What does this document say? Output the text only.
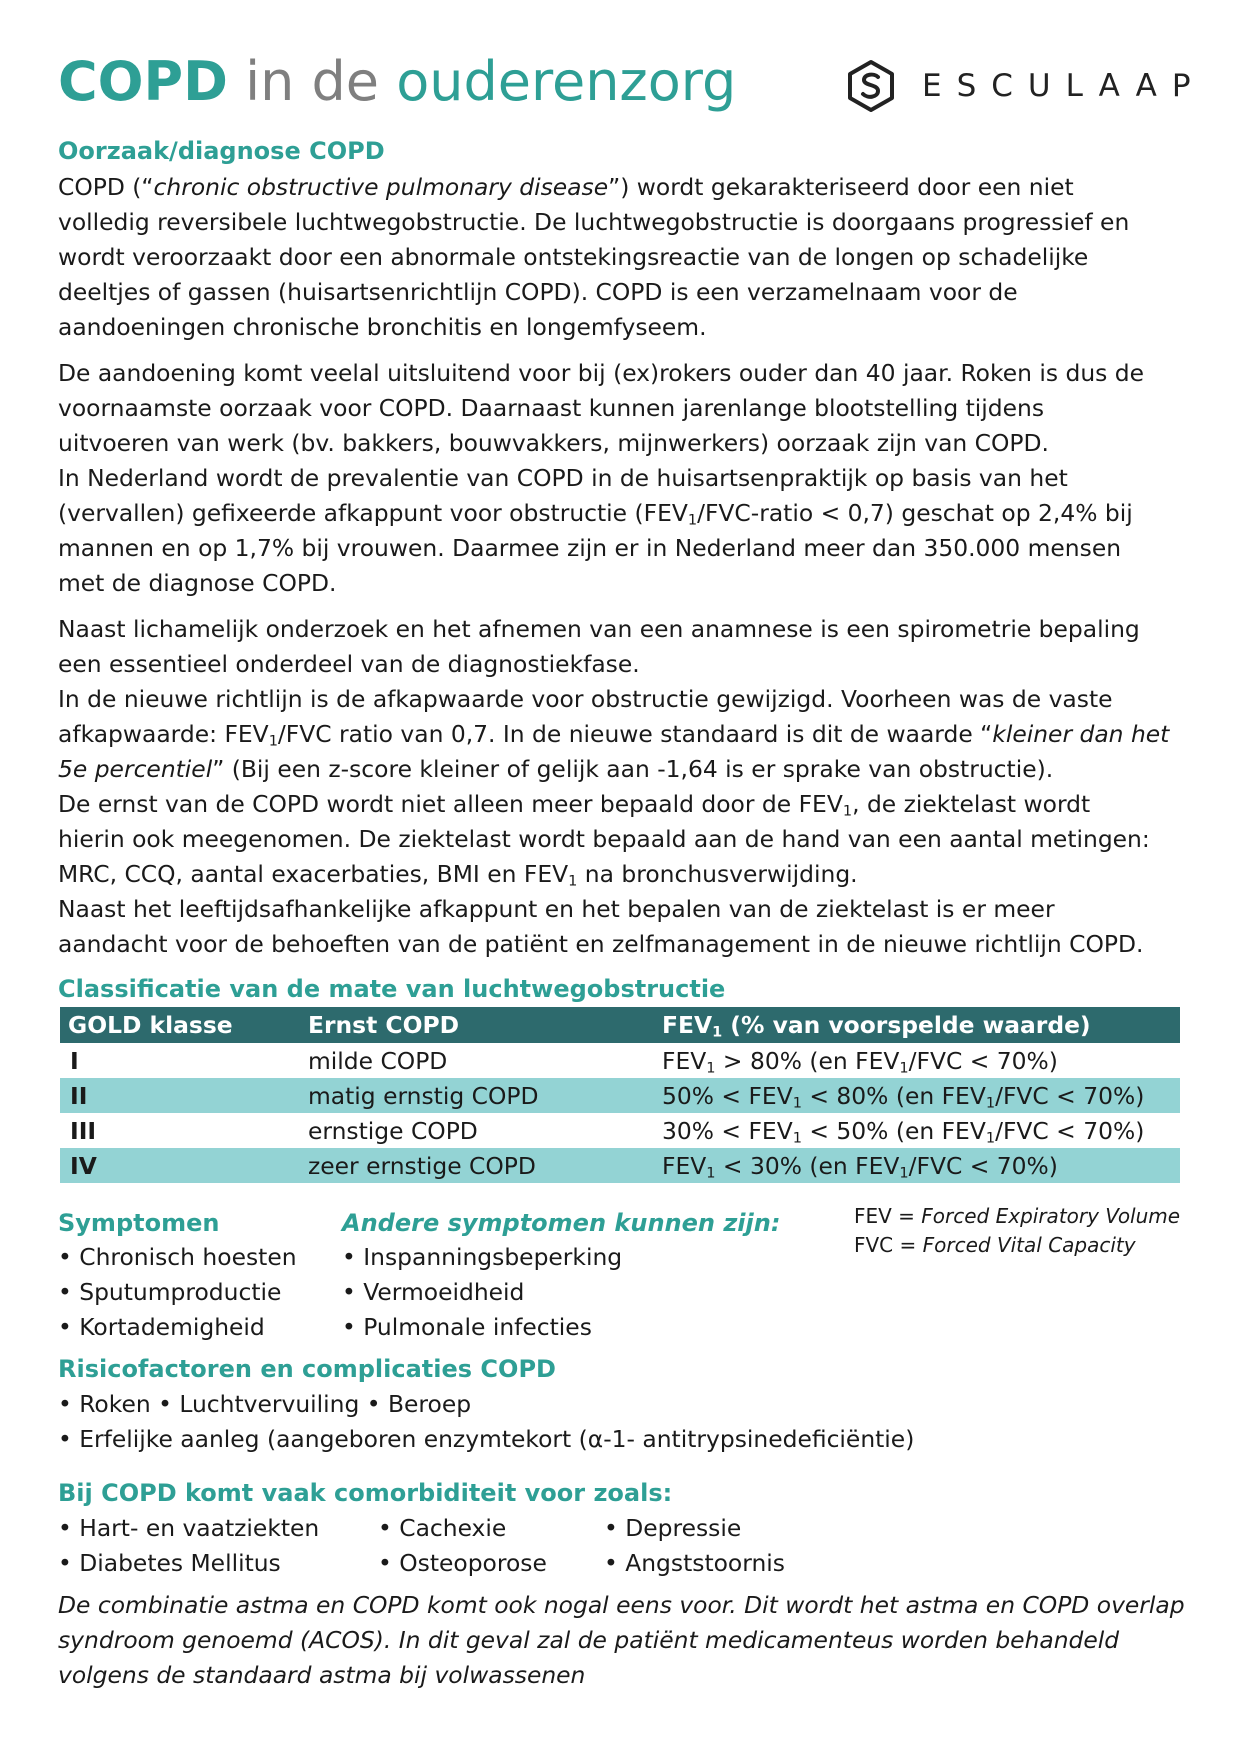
COPD in de ouderenzorg	ESCULAAP
Oorzaak/diagnose COPD
COPD (“chronic obstructive pulmonary disease”) wordt gekarakteriseerd door een niet
volledig reversibele luchtwegobstructie. De luchtwegobstructie is doorgaans progressief en
wordt veroorzaakt door een abnormale ontstekingsreactie van de longen op schadelijke
deeltjes of gassen (huisartsenrichtlijn COPD). COPD is een verzamelnaam voor de
aandoeningen chronische bronchitis en longemfyseem.
De aandoening komt veelal uitsluitend voor bij (ex)rokers ouder dan 40 jaar. Roken is dus de
voornaamste oorzaak voor COPD. Daarnaast kunnen jarenlange blootstelling tijdens
uitvoeren van werk (bv. bakkers, bouwvakkers, mijnwerkers) oorzaak zijn van COPD.
In Nederland wordt de prevalentie van COPD in de huisartsenpraktijk op basis van het
(vervallen) gefixeerde afkappunt voor obstructie ($FEV_1/FVC$-ratio < 0,7) geschat op 2,4% bij
mannen en op 1,7% bij vrouwen. Daarmee zijn er in Nederland meer dan 350.000 mensen
met de diagnose COPD.
Naast lichamelijk onderzoek en het afnemen van een anamnese is een spirometrie bepaling
een essentieel onderdeel van de diagnostiekfase.
In de nieuwe richtlijn is de afkapwaarde voor obstructie gewijzigd. Voorheen was de vaste
afkapwaarde: $FEV_1$/FVC ratio van 0,7. In de nieuwe standaard is dit de waarde “kleiner dan het
5e percentiel” (Bij een z-score kleiner of gelijk aan -1,64 is er sprake van obstructie).
De ernst van de COPD wordt niet alleen meer bepaald door de $FEV_1$, de ziektelast wordt
hierin ook meegenomen. De ziektelast wordt bepaald aan de hand van een aantal metingen:
MRC, CCQ, aantal exacerbaties, BMI en $FEV_1$ na bronchusverwijding.
Naast het leeftijdsafhankelijke afkappunt en het bepalen van de ziektelast is er meer
aandacht voor de behoeften van de patiënt en zelfmanagement in de nieuwe richtlijn COPD.
Classificatie van de mate van luchtwegobstructie
GOLD klasse	Ernst COPD	$FEV_1$ (% van voorspelde waarde)
I	milde COPD	$FEV_1 > 80\%$ (en $FEV_1$/FVC < 70%)
II	matig ernstig COPD	$50\% < FEV_1 < 80\%$ (en $FEV_1$/FVC < 70%)
III	ernstige COPD	$30\% < FEV_1 < 50\%$ (en $FEV_1$/FVC < 70%)
IV	zeer ernstige COPD	$FEV_1 < 30\%$ (en $FEV_1$/FVC < 70%)
Symptomen
• Chronisch hoesten
• Sputumproductie
• Kortademigheid
Andere symptomen kunnen zijn:
• Inspanningsbeperking
• Vermoeidheid
• Pulmonale infecties
FEV = Forced Expiratory Volume
FVC = Forced Vital Capacity
Risicofactoren en complicaties COPD
• Roken • Luchtvervuiling • Beroep
• Erfelijke aanleg (aangeboren enzymtekort (α-1- antitrypsinedeficiëntie)
Bij COPD komt vaak comorbiditeit voor zoals:
• Hart- en vaatziekten
• Diabetes Mellitus
• Cachexie
• Osteoporose
• Depressie
• Angststoornis
De combinatie astma en COPD komt ook nogal eens voor. Dit wordt het astma en COPD overlap
syndroom genoemd (ACOS). In dit geval zal de patiënt medicamenteus worden behandeld
volgens de standaard astma bij volwassenen
